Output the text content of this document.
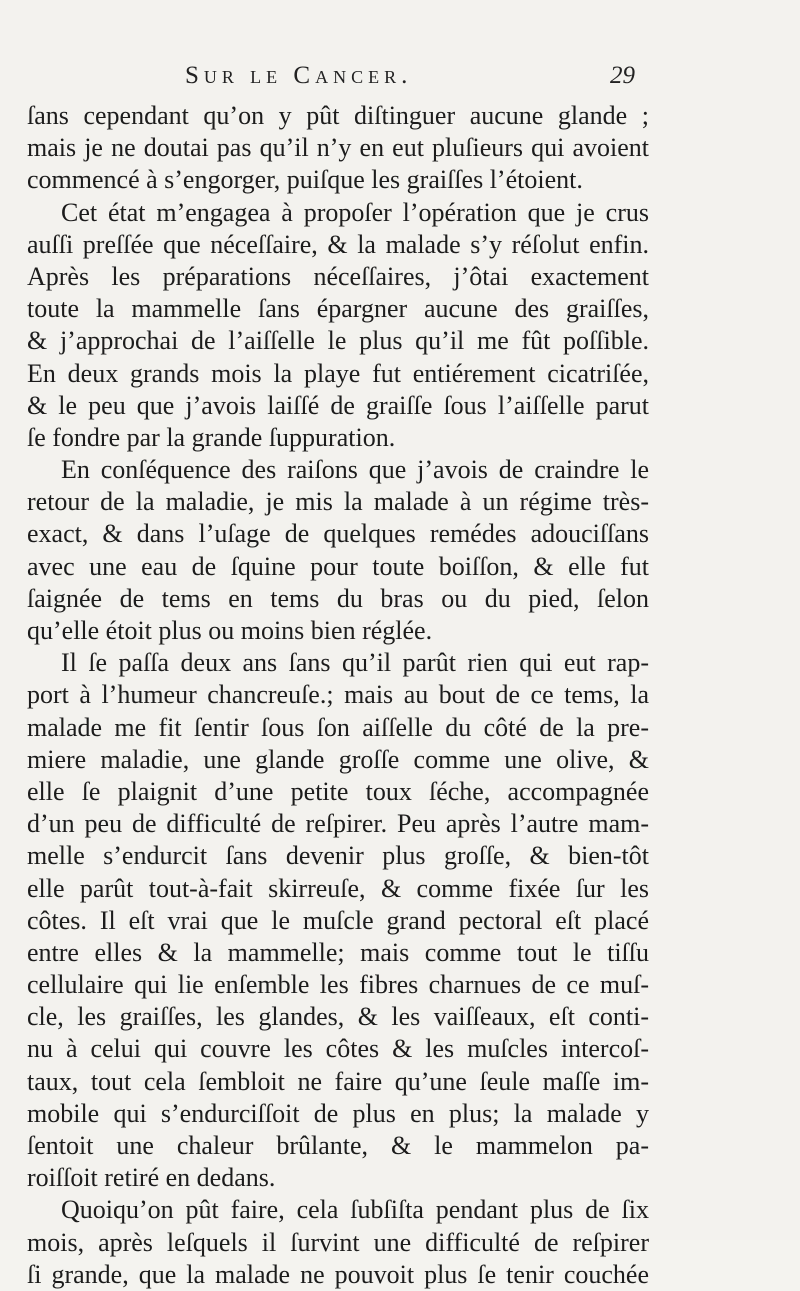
Sur le Cancer.	29
ſans cependant qu’on y pût diſtinguer aucune glande ;
mais je ne doutai pas qu’il n’y en eut pluſieurs qui avoient
commencé à s’engorger, puiſque les graiſſes l’étoient.
Cet état m’engagea à propoſer l’opération que je crus
auſſi preſſée que néceſſaire, & la malade s’y réſolut enfin.
Après les préparations néceſſaires, j’ôtai exactement
toute la mammelle ſans épargner aucune des graiſſes,
& j’approchai de l’aiſſelle le plus qu’il me fût poſſible.
En deux grands mois la playe fut entiérement cicatriſée,
& le peu que j’avois laiſſé de graiſſe ſous l’aiſſelle parut
ſe fondre par la grande ſuppuration.
En conſéquence des raiſons que j’avois de craindre le
retour de la maladie, je mis la malade à un régime très-
exact, & dans l’uſage de quelques remédes adouciſſans
avec une eau de ſquine pour toute boiſſon, & elle fut
ſaignée de tems en tems du bras ou du pied, ſelon
qu’elle étoit plus ou moins bien réglée.
Il ſe paſſa deux ans ſans qu’il parût rien qui eut rap-
port à l’humeur chancreuſe.; mais au bout de ce tems, la
malade me fit ſentir ſous ſon aiſſelle du côté de la pre-
miere maladie, une glande groſſe comme une olive, &
elle ſe plaignit d’une petite toux ſéche, accompagnée
d’un peu de difficulté de reſpirer. Peu après l’autre mam-
melle s’endurcit ſans devenir plus groſſe, & bien-tôt
elle parût tout-à-fait skirreuſe, & comme fixée ſur les
côtes. Il eſt vrai que le muſcle grand pectoral eſt placé
entre elles & la mammelle; mais comme tout le tiſſu
cellulaire qui lie enſemble les fibres charnues de ce muſ-
cle, les graiſſes, les glandes, & les vaiſſeaux, eſt conti-
nu à celui qui couvre les côtes & les muſcles intercoſ-
taux, tout cela ſembloit ne faire qu’une ſeule maſſe im-
mobile qui s’endurciſſoit de plus en plus; la malade y
ſentoit une chaleur brûlante, & le mammelon pa-
roiſſoit retiré en dedans.
Quoiqu’on pût faire, cela ſubſiſta pendant plus de ſix
mois, après leſquels il ſurvint une difficulté de reſpirer
ſi grande, que la malade ne pouvoit plus ſe tenir couchée
